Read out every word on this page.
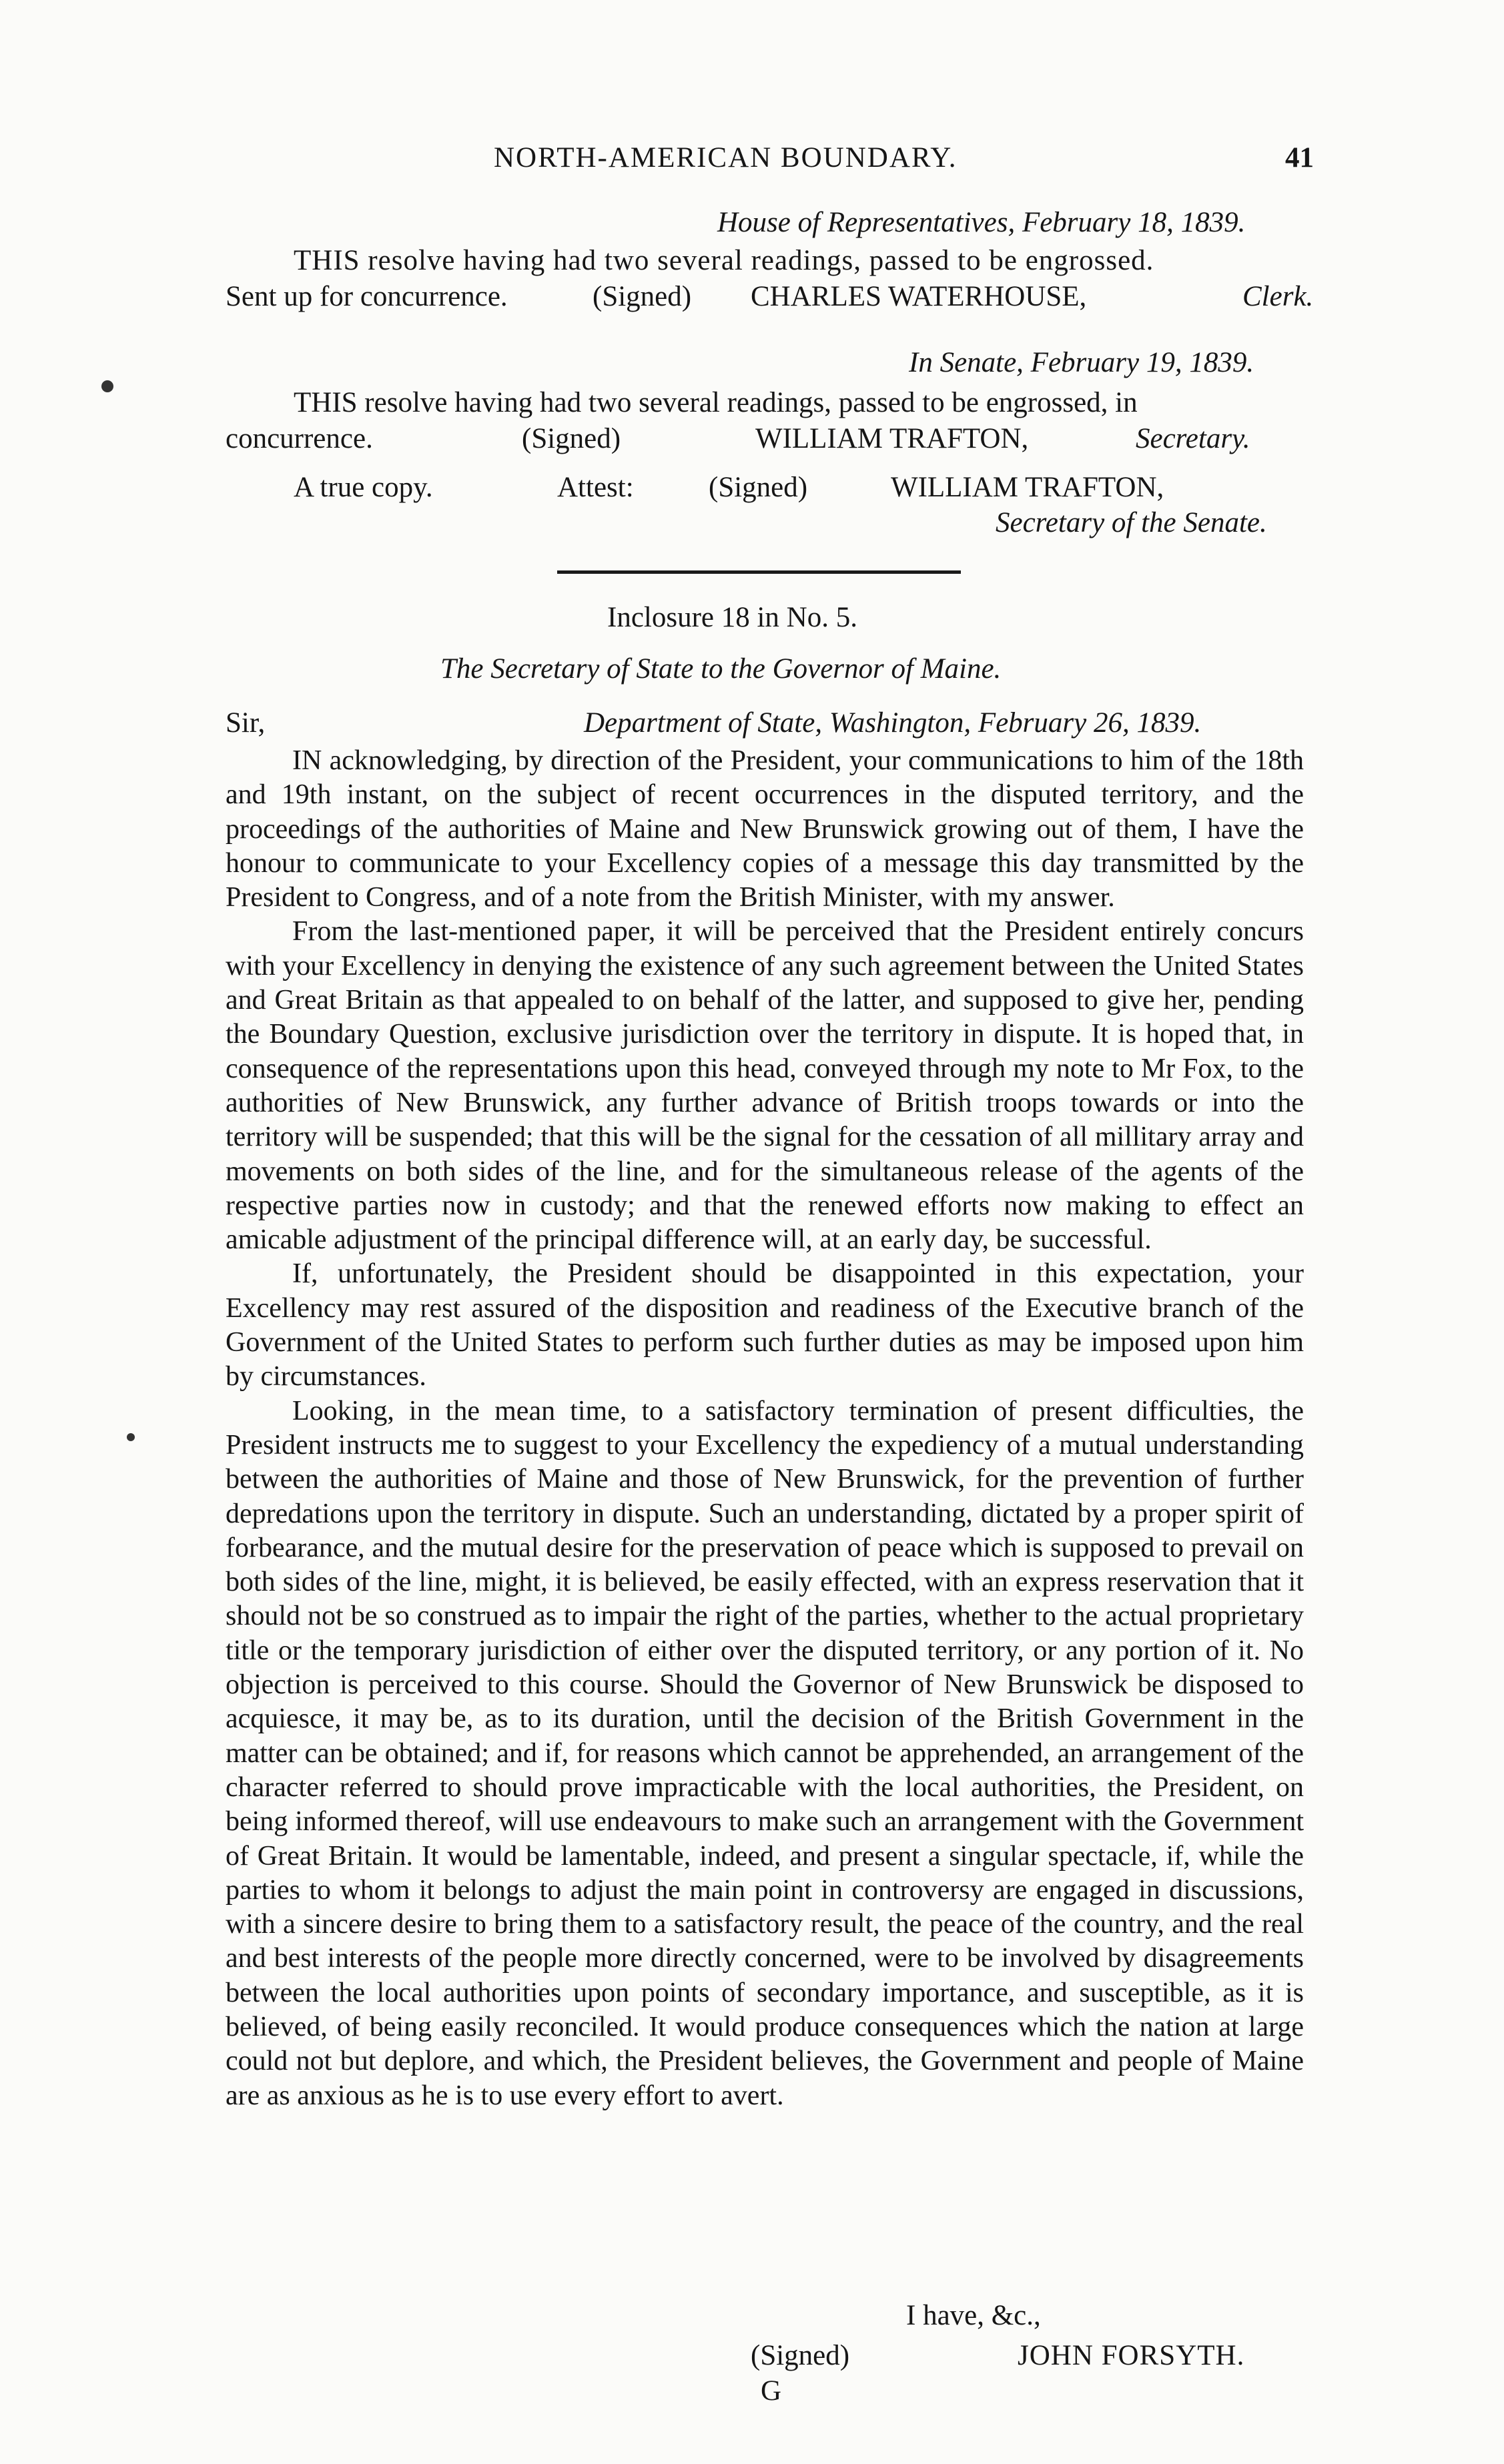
NORTH-AMERICAN BOUNDARY.	41
House of Representatives, February 18, 1839.
THIS resolve having had two several readings, passed to be engrossed.
Sent up for concurrence.	(Signed) CHARLES WATERHOUSE,	Clerk.
In Senate, February 19, 1839.
THIS resolve having had two several readings, passed to be engrossed, in
concurrence.	(Signed)	WILLIAM TRAFTON,	Secretary.
A true copy.	Attest:	(Signed)	WILLIAM TRAFTON,
Secretary of the Senate.
Inclosure 18 in No. 5.
The Secretary of State to the Governor of Maine.
Sir,	Department of State, Washington, February 26, 1839.

IN acknowledging, by direction of the President, your communications to him of the 18th and 19th instant, on the subject of recent occurrences in the disputed territory, and the proceedings of the authorities of Maine and New Brunswick growing out of them, I have the honour to communicate to your Excellency copies of a message this day transmitted by the President to Congress, and of a note from the British Minister, with my answer.

From the last-mentioned paper, it will be perceived that the President entirely concurs with your Excellency in denying the existence of any such agreement between the United States and Great Britain as that appealed to on behalf of the latter, and supposed to give her, pending the Boundary Question, exclusive jurisdiction over the territory in dispute. It is hoped that, in consequence of the representations upon this head, conveyed through my note to Mr Fox, to the authorities of New Brunswick, any further advance of British troops towards or into the territory will be suspended; that this will be the signal for the cessation of all millitary array and movements on both sides of the line, and for the simultaneous release of the agents of the respective parties now in custody; and that the renewed efforts now making to effect an amicable adjustment of the principal difference will, at an early day, be successful.

If, unfortunately, the President should be disappointed in this expectation, your Excellency may rest assured of the disposition and readiness of the Executive branch of the Government of the United States to perform such further duties as may be imposed upon him by circumstances.

Looking, in the mean time, to a satisfactory termination of present difficulties, the President instructs me to suggest to your Excellency the expediency of a mutual understanding between the authorities of Maine and those of New Brunswick, for the prevention of further depredations upon the territory in dispute. Such an understanding, dictated by a proper spirit of forbearance, and the mutual desire for the preservation of peace which is supposed to prevail on both sides of the line, might, it is believed, be easily effected, with an express reservation that it should not be so construed as to impair the right of the parties, whether to the actual proprietary title or the temporary jurisdiction of either over the disputed territory, or any portion of it. No objection is perceived to this course. Should the Governor of New Brunswick be disposed to acquiesce, it may be, as to its duration, until the decision of the British Government in the matter can be obtained; and if, for reasons which cannot be apprehended, an arrangement of the character referred to should prove impracticable with the local authorities, the President, on being informed thereof, will use endeavours to make such an arrangement with the Government of Great Britain. It would be lamentable, indeed, and present a singular spectacle, if, while the parties to whom it belongs to adjust the main point in controversy are engaged in discussions, with a sincere desire to bring them to a satisfactory result, the peace of the country, and the real and best interests of the people more directly concerned, were to be involved by disagreements between the local authorities upon points of secondary importance, and susceptible, as it is believed, of being easily reconciled. It would produce consequences which the nation at large could not but deplore, and which, the President believes, the Government and people of Maine are as anxious as he is to use every effort to avert.

I have, &c.,
(Signed)	JOHN FORSYTH.
G
